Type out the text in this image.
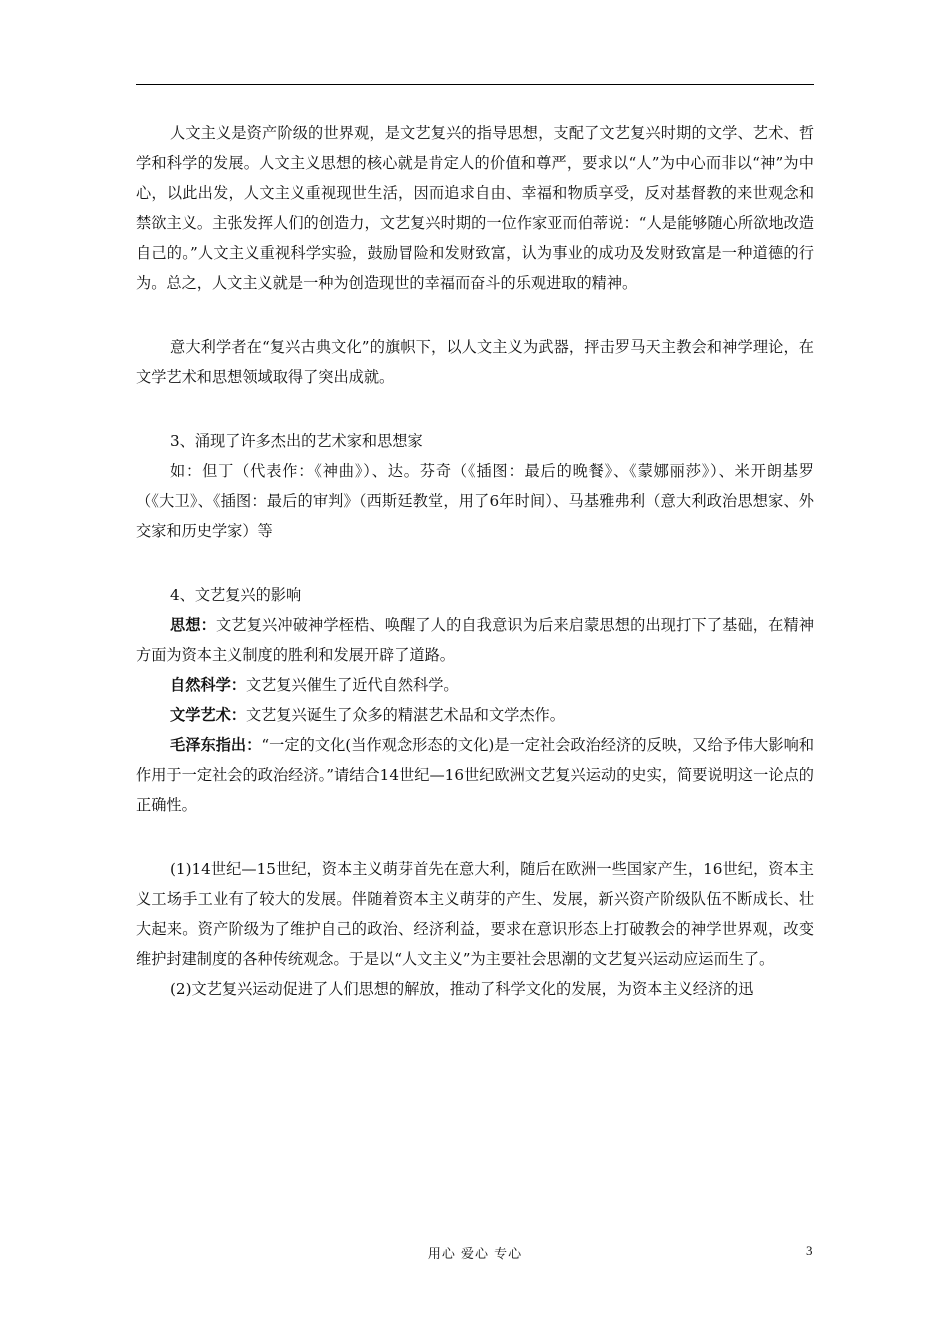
人文主义是资产阶级的世界观，是文艺复兴的指导思想，支配了文艺复兴时期的文学、艺术、哲学和科学的发展。人文主义思想的核心就是肯定人的价值和尊严，要求以“人”为中心而非以“神”为中心，以此出发，人文主义重视现世生活，因而追求自由、幸福和物质享受，反对基督教的来世观念和禁欲主义。主张发挥人们的创造力，文艺复兴时期的一位作家亚而伯蒂说：“人是能够随心所欲地改造自己的。”人文主义重视科学实验，鼓励冒险和发财致富，认为事业的成功及发财致富是一种道德的行为。总之，人文主义就是一种为创造现世的幸福而奋斗的乐观进取的精神。

意大利学者在“复兴古典文化”的旗帜下，以人文主义为武器，抨击罗马天主教会和神学理论，在文学艺术和思想领域取得了突出成就。

3、涌现了许多杰出的艺术家和思想家

如：但丁（代表作：《神曲》）、达。芬奇（《插图：最后的晚餐》、《蒙娜丽莎》）、米开朗基罗（《大卫》、《插图：最后的审判》（西斯廷教堂，用了6年时间）、马基雅弗利（意大利政治思想家、外交家和历史学家）等

4、文艺复兴的影响

思想：文艺复兴冲破神学桎梏、唤醒了人的自我意识为后来启蒙思想的出现打下了基础，在精神方面为资本主义制度的胜利和发展开辟了道路。

自然科学：文艺复兴催生了近代自然科学。

文学艺术：文艺复兴诞生了众多的精湛艺术品和文学杰作。

毛泽东指出：“一定的文化(当作观念形态的文化)是一定社会政治经济的反映，又给予伟大影响和作用于一定社会的政治经济。”请结合14世纪—16世纪欧洲文艺复兴运动的史实，简要说明这一论点的正确性。

(1)14世纪—15世纪，资本主义萌芽首先在意大利，随后在欧洲一些国家产生，16世纪，资本主义工场手工业有了较大的发展。伴随着资本主义萌芽的产生、发展，新兴资产阶级队伍不断成长、壮大起来。资产阶级为了维护自己的政治、经济利益，要求在意识形态上打破教会的神学世界观，改变维护封建制度的各种传统观念。于是以“人文主义”为主要社会思潮的文艺复兴运动应运而生了。

(2)文艺复兴运动促进了人们思想的解放，推动了科学文化的发展，为资本主义经济的迅

用心 爱心 专心	3
